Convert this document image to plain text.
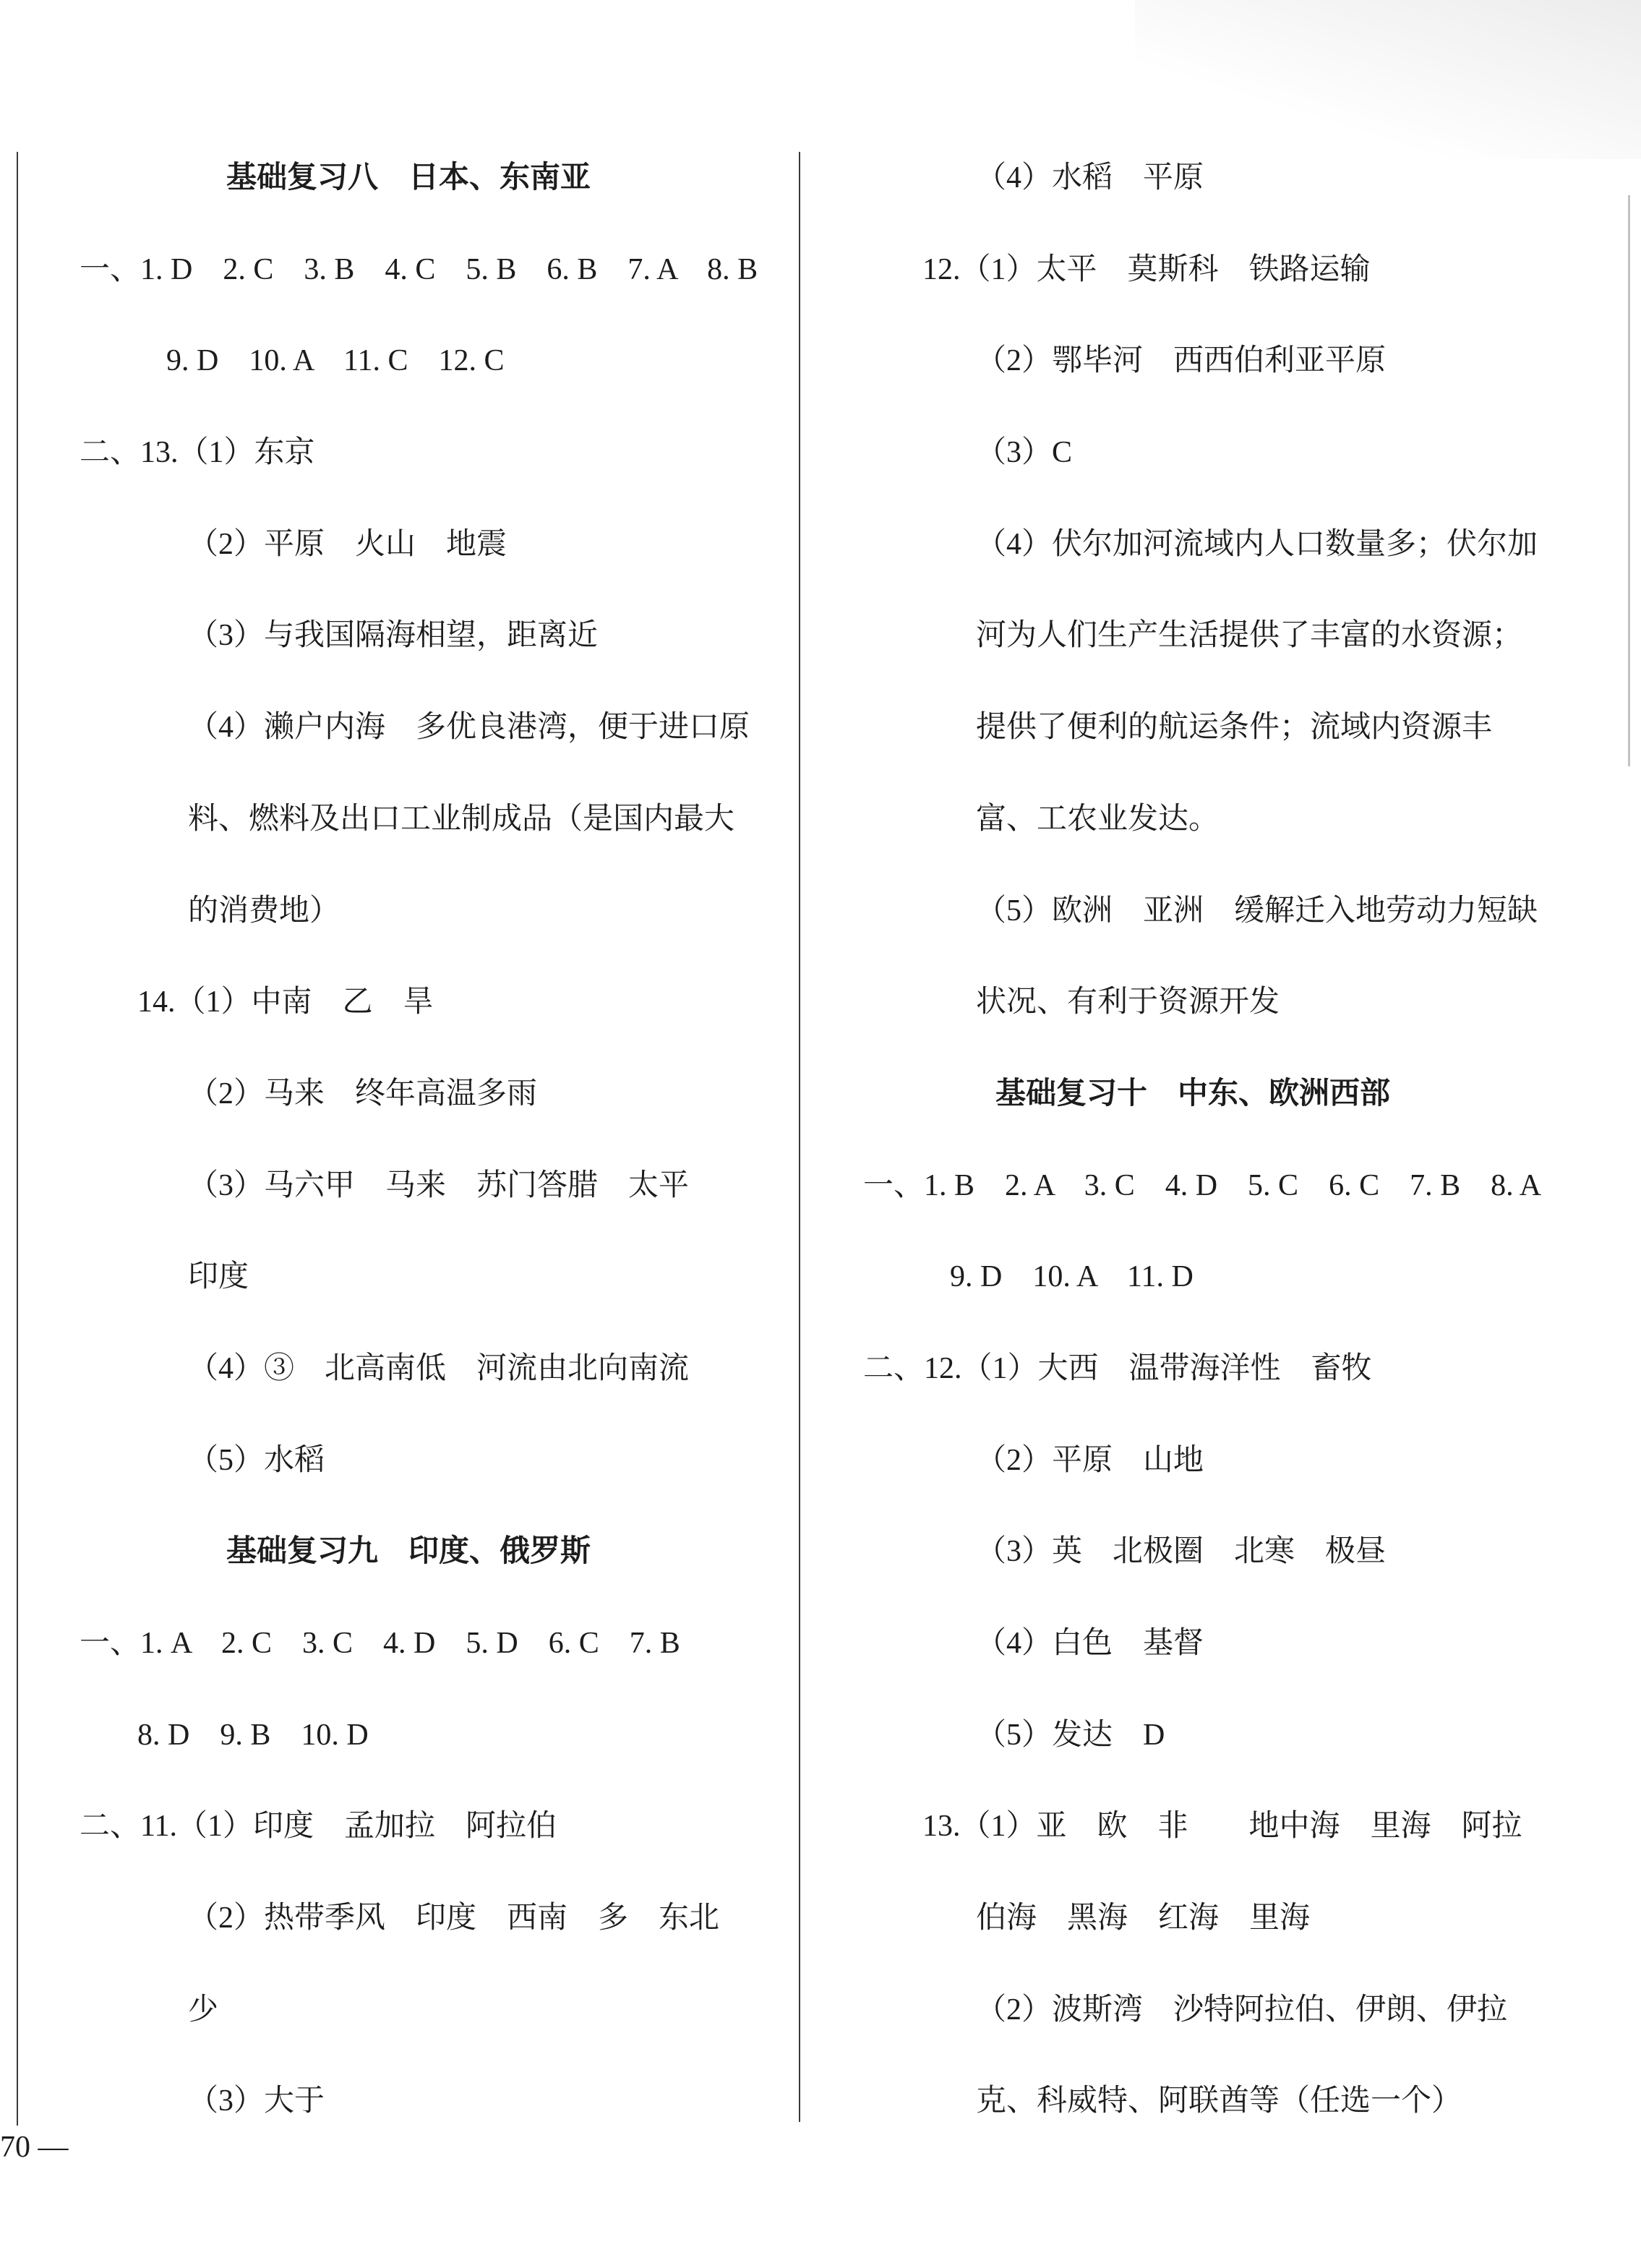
基础复习八　日本、东南亚
一、1. D　2. C　3. B　4. C　5. B　6. B　7. A　8. B
9. D　10. A　11. C　12. C
二、13.（1）东京
（2）平原　火山　地震
（3）与我国隔海相望，距离近
（4）濑户内海　多优良港湾，便于进口原
料、燃料及出口工业制成品（是国内最大
的消费地）
14.（1）中南　乙　旱
（2）马来　终年高温多雨
（3）马六甲　马来　苏门答腊　太平
印度
（4）③　北高南低　河流由北向南流
（5）水稻
基础复习九　印度、俄罗斯
一、1. A　2. C　3. C　4. D　5. D　6. C　7. B
8. D　9. B　10. D
二、11.（1）印度　孟加拉　阿拉伯
（2）热带季风　印度　西南　多　东北
少
（3）大于
（4）水稻　平原
12.（1）太平　莫斯科　铁路运输
（2）鄂毕河　西西伯利亚平原
（3）C
（4）伏尔加河流域内人口数量多；伏尔加
河为人们生产生活提供了丰富的水资源；
提供了便利的航运条件；流域内资源丰
富、工农业发达。
（5）欧洲　亚洲　缓解迁入地劳动力短缺
状况、有利于资源开发
基础复习十　中东、欧洲西部
一、1. B　2. A　3. C　4. D　5. C　6. C　7. B　8. A
9. D　10. A　11. D
二、12.（1）大西　温带海洋性　畜牧
（2）平原　山地
（3）英　北极圈　北寒　极昼
（4）白色　基督
（5）发达　D
13.（1）亚　欧　非　　地中海　里海　阿拉
伯海　黑海　红海　里海
（2）波斯湾　沙特阿拉伯、伊朗、伊拉
克、科威特、阿联酋等（任选一个）
70 —
